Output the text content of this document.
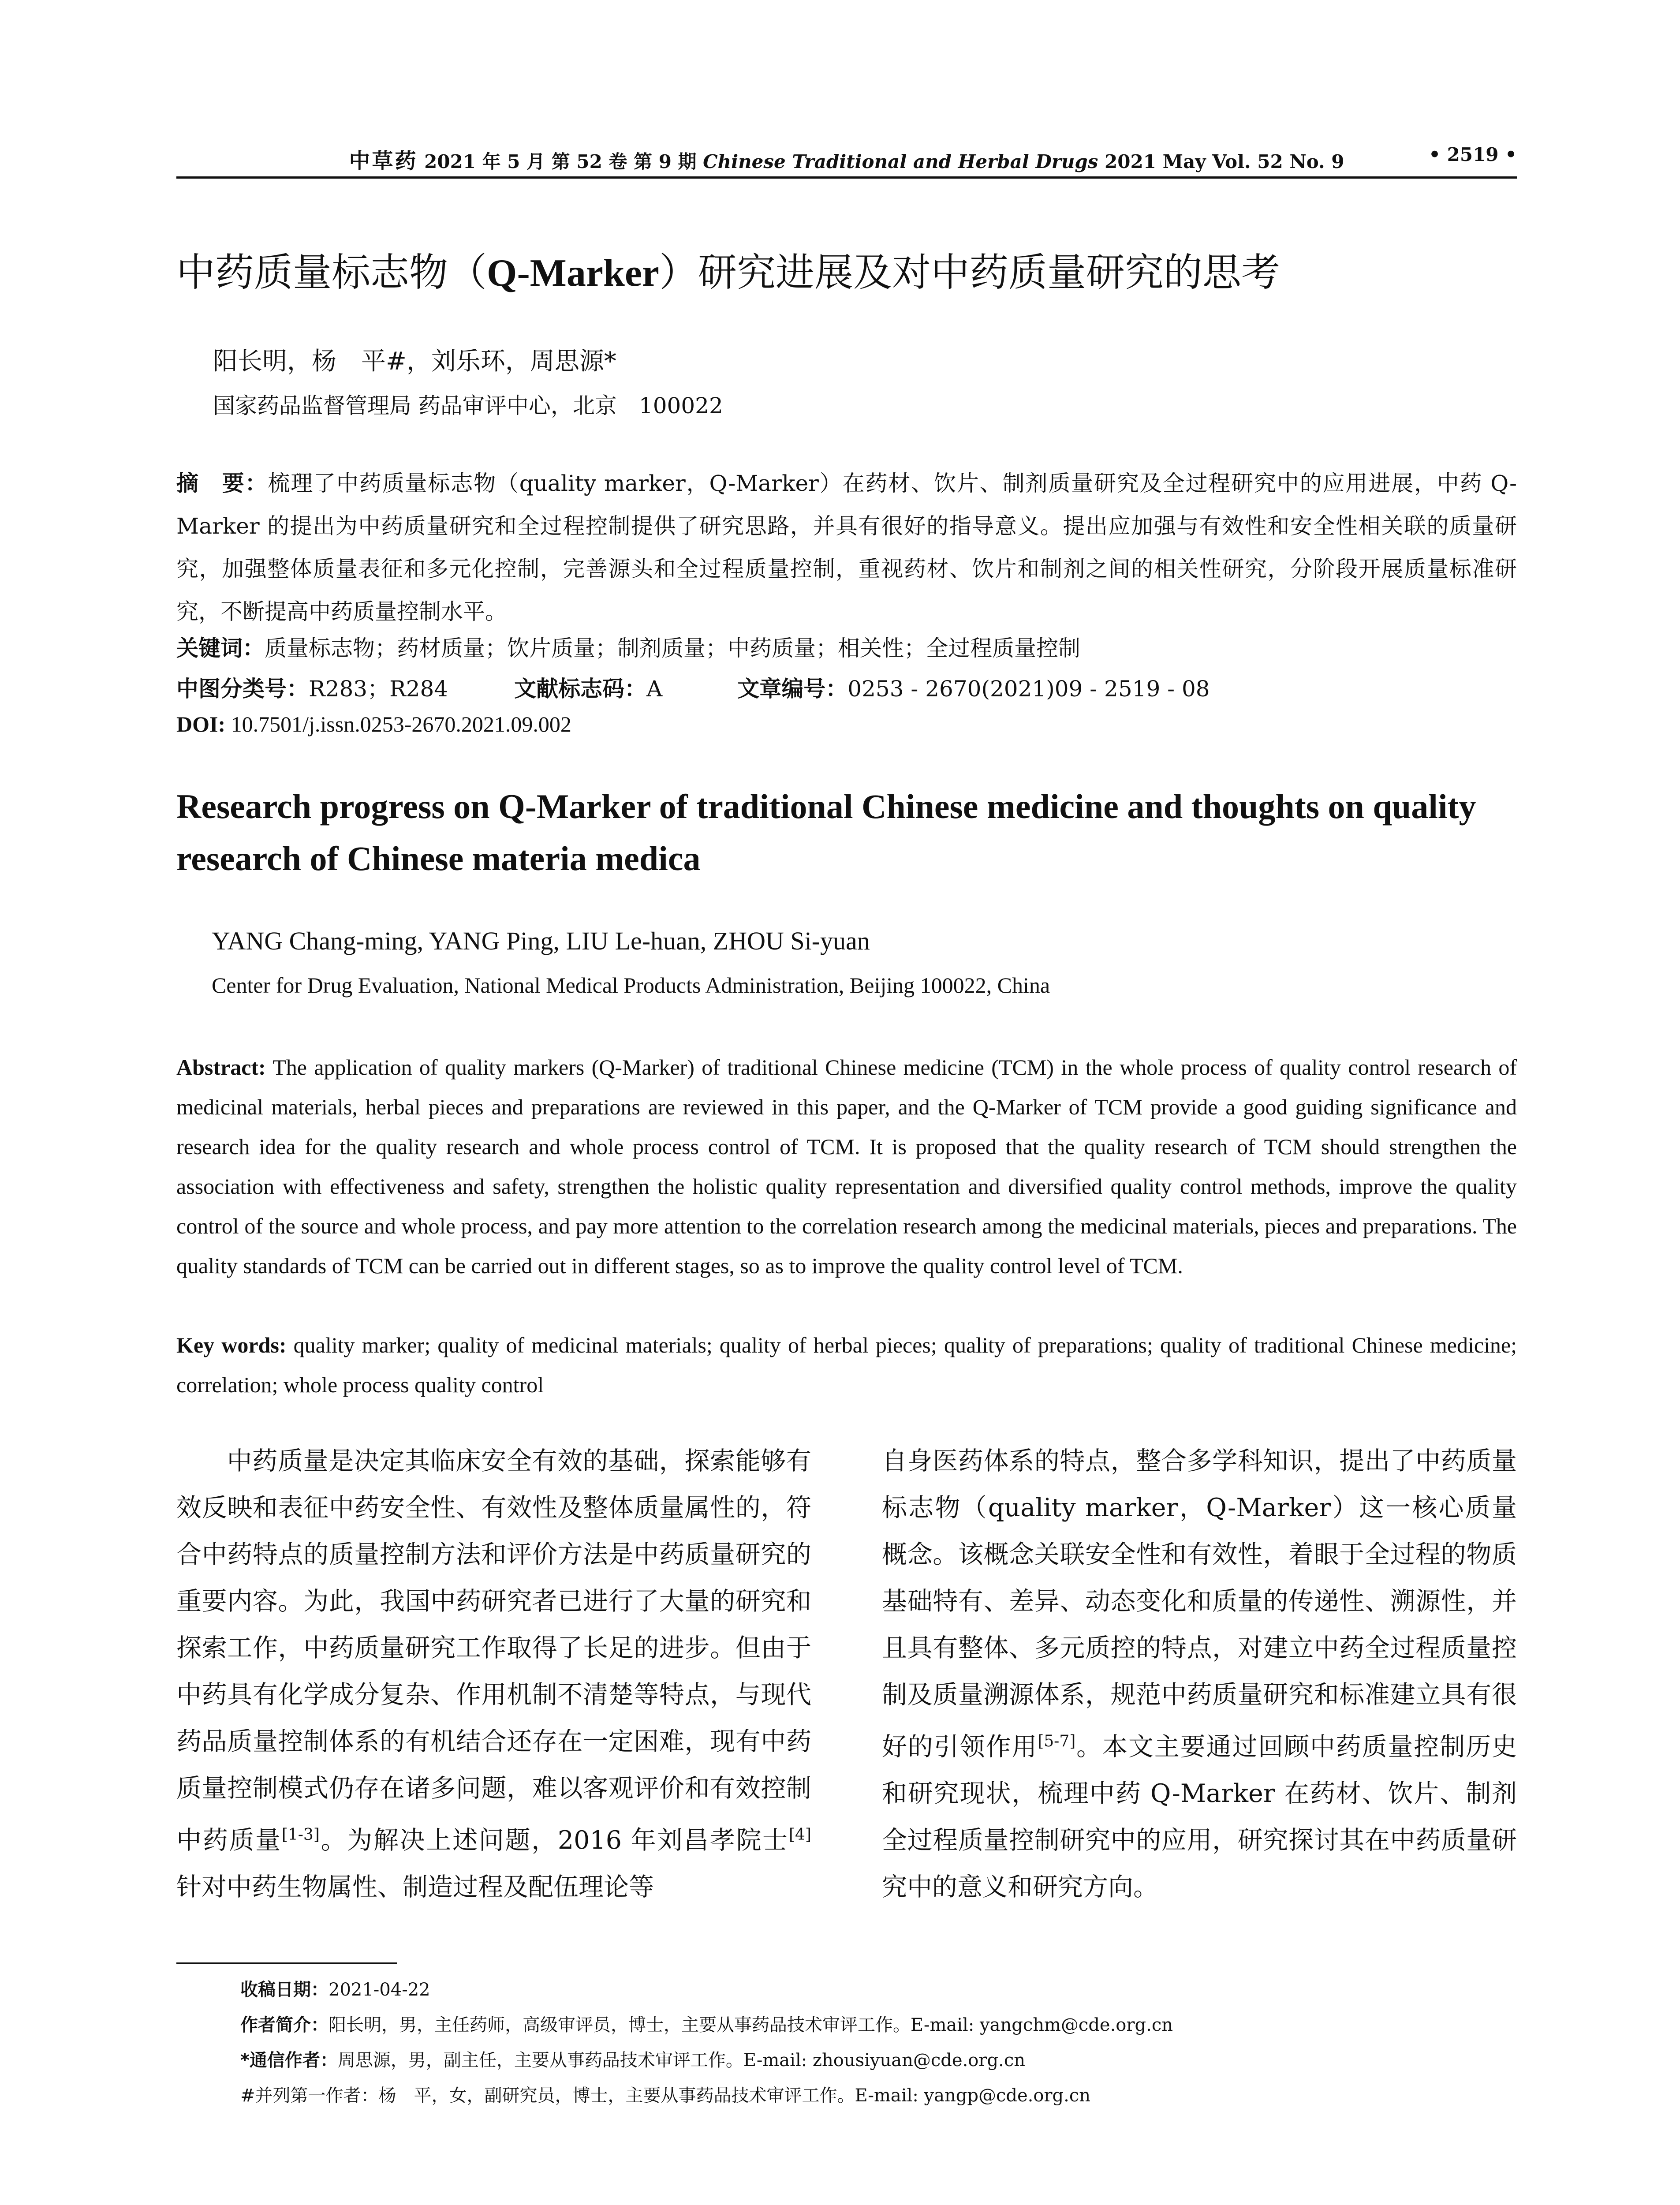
中草药 2021 年 5 月 第 52 卷 第 9 期 Chinese Traditional and Herbal Drugs 2021 May Vol. 52 No. 9	• 2519 •
中药质量标志物（Q-Marker）研究进展及对中药质量研究的思考
阳长明，杨　平#，刘乐环，周思源*
国家药品监督管理局 药品审评中心，北京　100022
摘　要：梳理了中药质量标志物（quality marker，Q-Marker）在药材、饮片、制剂质量研究及全过程研究中的应用进展，中药 Q-Marker 的提出为中药质量研究和全过程控制提供了研究思路，并具有很好的指导意义。提出应加强与有效性和安全性相关联的质量研究，加强整体质量表征和多元化控制，完善源头和全过程质量控制，重视药材、饮片和制剂之间的相关性研究，分阶段开展质量标准研究，不断提高中药质量控制水平。
关键词：质量标志物；药材质量；饮片质量；制剂质量；中药质量；相关性；全过程质量控制
中图分类号：R283；R284	文献标志码：A	文章编号：0253 - 2670(2021)09 - 2519 - 08
DOI: 10.7501/j.issn.0253-2670.2021.09.002
Research progress on Q-Marker of traditional Chinese medicine and thoughts on quality research of Chinese materia medica
YANG Chang-ming, YANG Ping, LIU Le-huan, ZHOU Si-yuan
Center for Drug Evaluation, National Medical Products Administration, Beijing 100022, China
Abstract: The application of quality markers (Q-Marker) of traditional Chinese medicine (TCM) in the whole process of quality control research of medicinal materials, herbal pieces and preparations are reviewed in this paper, and the Q-Marker of TCM provide a good guiding significance and research idea for the quality research and whole process control of TCM. It is proposed that the quality research of TCM should strengthen the association with effectiveness and safety, strengthen the holistic quality representation and diversified quality control methods, improve the quality control of the source and whole process, and pay more attention to the correlation research among the medicinal materials, pieces and preparations. The quality standards of TCM can be carried out in different stages, so as to improve the quality control level of TCM.
Key words: quality marker; quality of medicinal materials; quality of herbal pieces; quality of preparations; quality of traditional Chinese medicine; correlation; whole process quality control
中药质量是决定其临床安全有效的基础，探索能够有效反映和表征中药安全性、有效性及整体质量属性的，符合中药特点的质量控制方法和评价方法是中药质量研究的重要内容。为此，我国中药研究者已进行了大量的研究和探索工作，中药质量研究工作取得了长足的进步。但由于中药具有化学成分复杂、作用机制不清楚等特点，与现代药品质量控制体系的有机结合还存在一定困难，现有中药质量控制模式仍存在诸多问题，难以客观评价和有效控制中药质量[1-3]。为解决上述问题，2016 年刘昌孝院士[4]针对中药生物属性、制造过程及配伍理论等
自身医药体系的特点，整合多学科知识，提出了中药质量标志物（quality marker，Q-Marker）这一核心质量概念。该概念关联安全性和有效性，着眼于全过程的物质基础特有、差异、动态变化和质量的传递性、溯源性，并且具有整体、多元质控的特点，对建立中药全过程质量控制及质量溯源体系，规范中药质量研究和标准建立具有很好的引领作用[5-7]。本文主要通过回顾中药质量控制历史和研究现状，梳理中药 Q-Marker 在药材、饮片、制剂全过程质量控制研究中的应用，研究探讨其在中药质量研究中的意义和研究方向。
收稿日期：2021-04-22
作者简介：阳长明，男，主任药师，高级审评员，博士，主要从事药品技术审评工作。E-mail: yangchm@cde.org.cn
*通信作者：周思源，男，副主任，主要从事药品技术审评工作。E-mail: zhousiyuan@cde.org.cn
#并列第一作者：杨　平，女，副研究员，博士，主要从事药品技术审评工作。E-mail: yangp@cde.org.cn
